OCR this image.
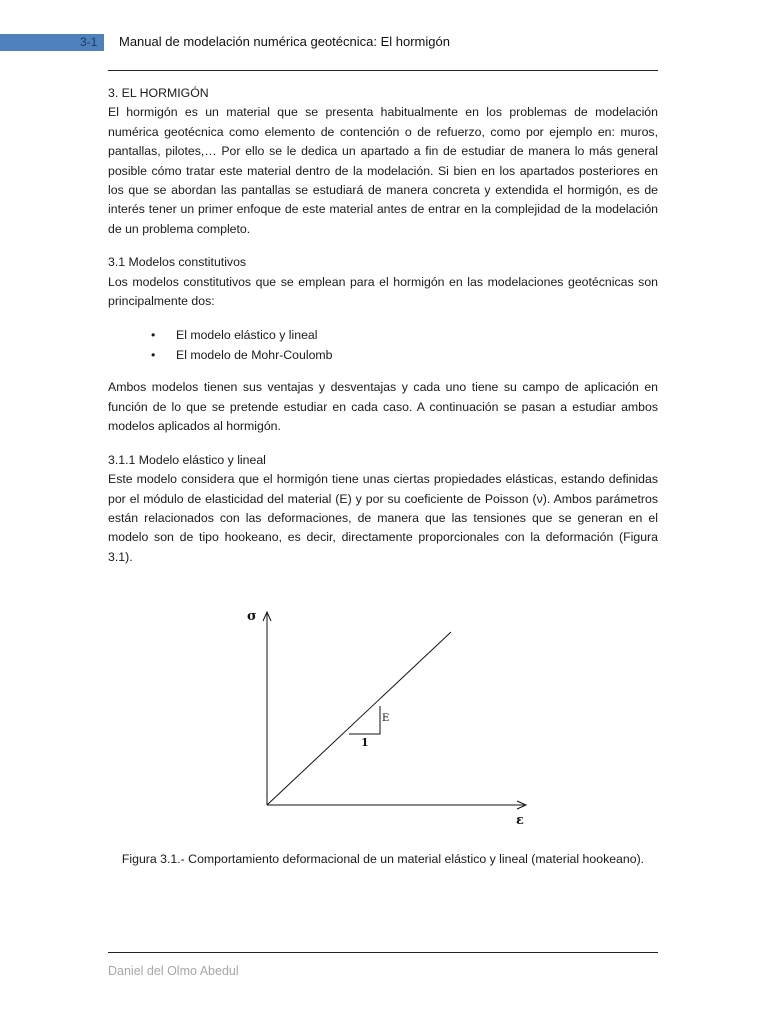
3-1	Manual de modelación numérica geotécnica: El hormigón

3. EL HORMIGÓN

El hormigón es un material que se presenta habitualmente en los problemas de modelación numérica geotécnica como elemento de contención o de refuerzo, como por ejemplo en: muros, pantallas, pilotes,… Por ello se le dedica un apartado a fin de estudiar de manera lo más general posible cómo tratar este material dentro de la modelación. Si bien en los apartados posteriores en los que se abordan las pantallas se estudiará de manera concreta y extendida el hormigón, es de interés tener un primer enfoque de este material antes de entrar en la complejidad de la modelación de un problema completo.

3.1 Modelos constitutivos

Los modelos constitutivos que se emplean para el hormigón en las modelaciones geotécnicas son principalmente dos:

• El modelo elástico y lineal
• El modelo de Mohr-Coulomb

Ambos modelos tienen sus ventajas y desventajas y cada uno tiene su campo de aplicación en función de lo que se pretende estudiar en cada caso. A continuación se pasan a estudiar ambos modelos aplicados al hormigón.

3.1.1 Modelo elástico y lineal

Este modelo considera que el hormigón tiene unas ciertas propiedades elásticas, estando definidas por el módulo de elasticidad del material (E) y por su coeficiente de Poisson (ν). Ambos parámetros están relacionados con las deformaciones, de manera que las tensiones que se generan en el modelo son de tipo hookeano, es decir, directamente proporcionales con la deformación (Figura 3.1).

σ
ε
E
1
Figura 3.1.- Comportamiento deformacional de un material elástico y lineal (material hookeano).
Daniel del Olmo Abedul
